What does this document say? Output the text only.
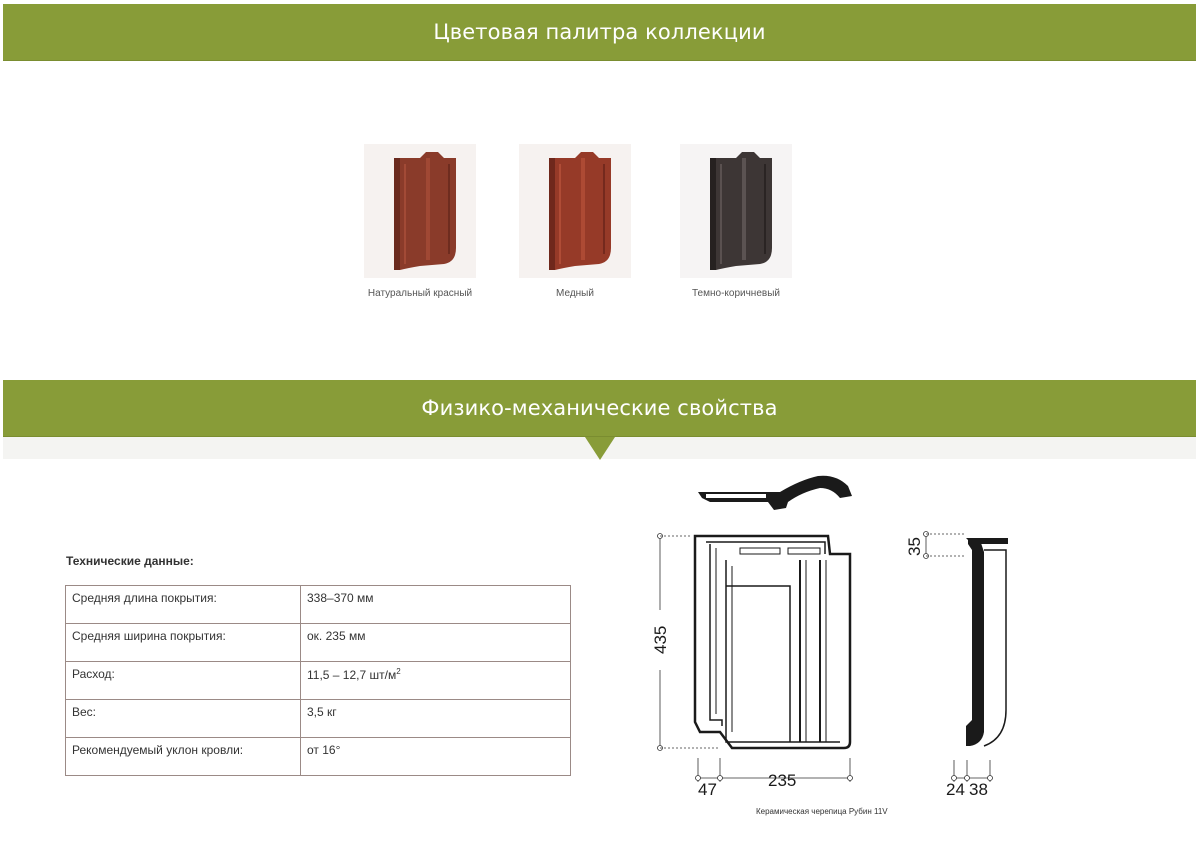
Цветовая палитра коллекции
Натуральный красный	Медный	Темно-коричневый
Физико-механические свойства
Технические данные:
Средняя длина покрытия:	338–370 мм
Средняя ширина покрытия:	ок. 235 мм
Расход:	11,5 – 12,7 $шт/м^2$
Вес:	3,5 кг
Рекомендуемый уклон кровли:	от 16°
435
235
47
35
24 38
Керамическая черепица Рубин 11V
